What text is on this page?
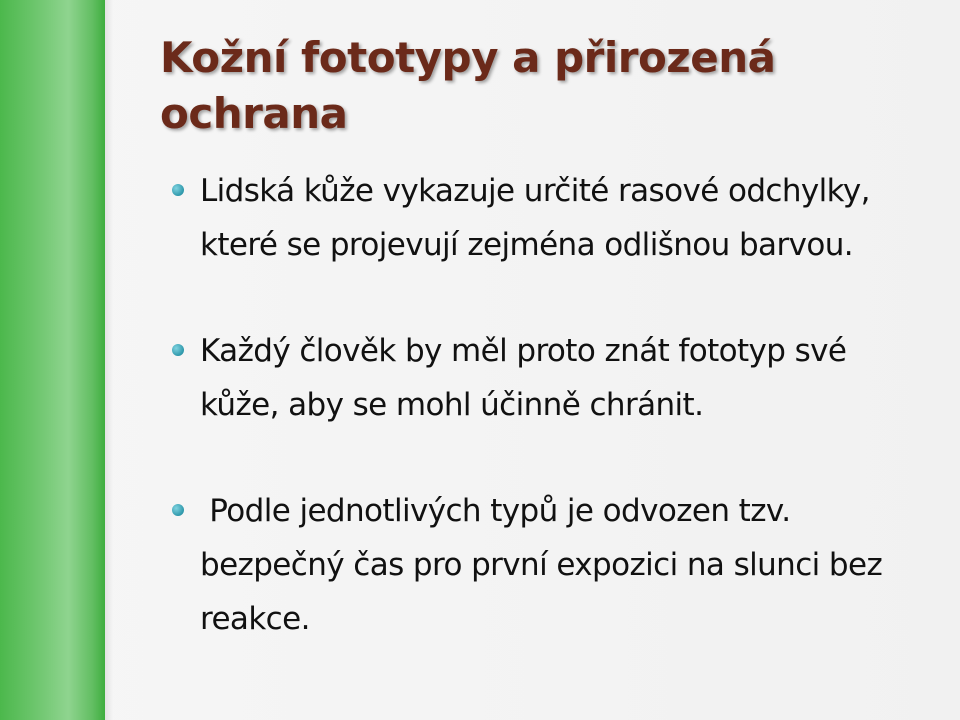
Kožní fototypy a přirozená ochrana
Lidská kůže vykazuje určité rasové odchylky, které se projevují zejména odlišnou barvou.
Každý člověk by měl proto znát fototyp své kůže, aby se mohl účinně chránit.
Podle jednotlivých typů je odvozen tzv. bezpečný čas pro první expozici na slunci bez reakce.
